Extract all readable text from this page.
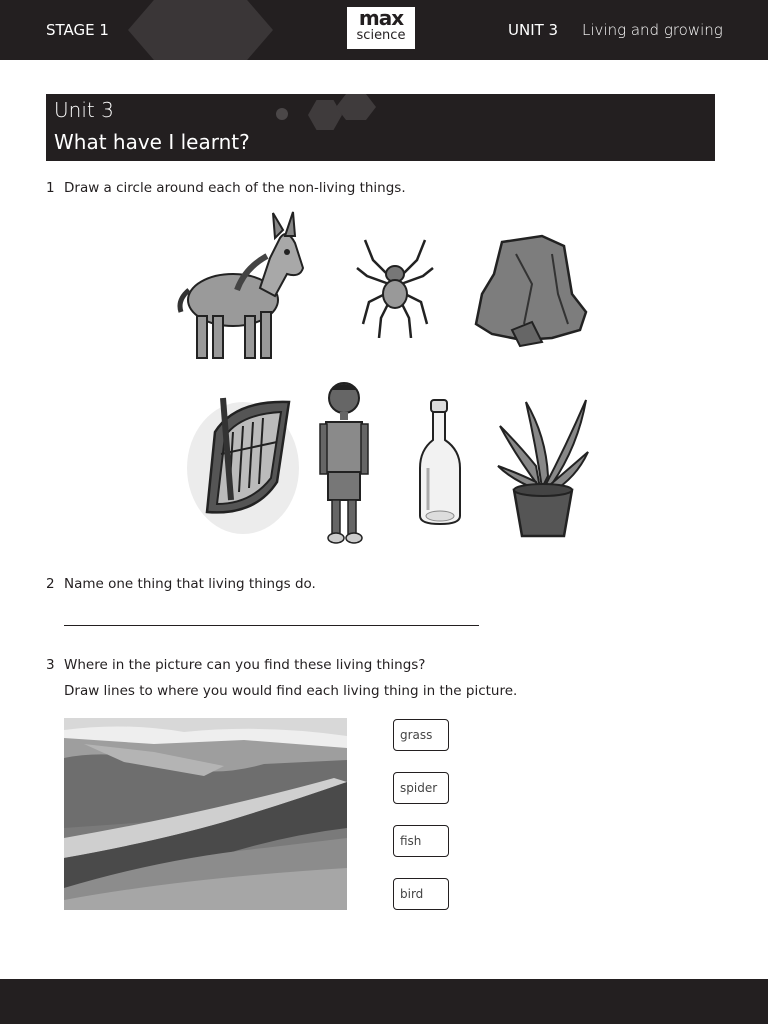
STAGE 1	max
science	UNIT 3 Living and growing
Unit 3
What have I learnt?
1 Draw a circle around each of the non-living things.
2 Name one thing that living things do.
3 Where in the picture can you find these living things?
Draw lines to where you would find each living thing in the picture.
grass
spider
fish
bird
